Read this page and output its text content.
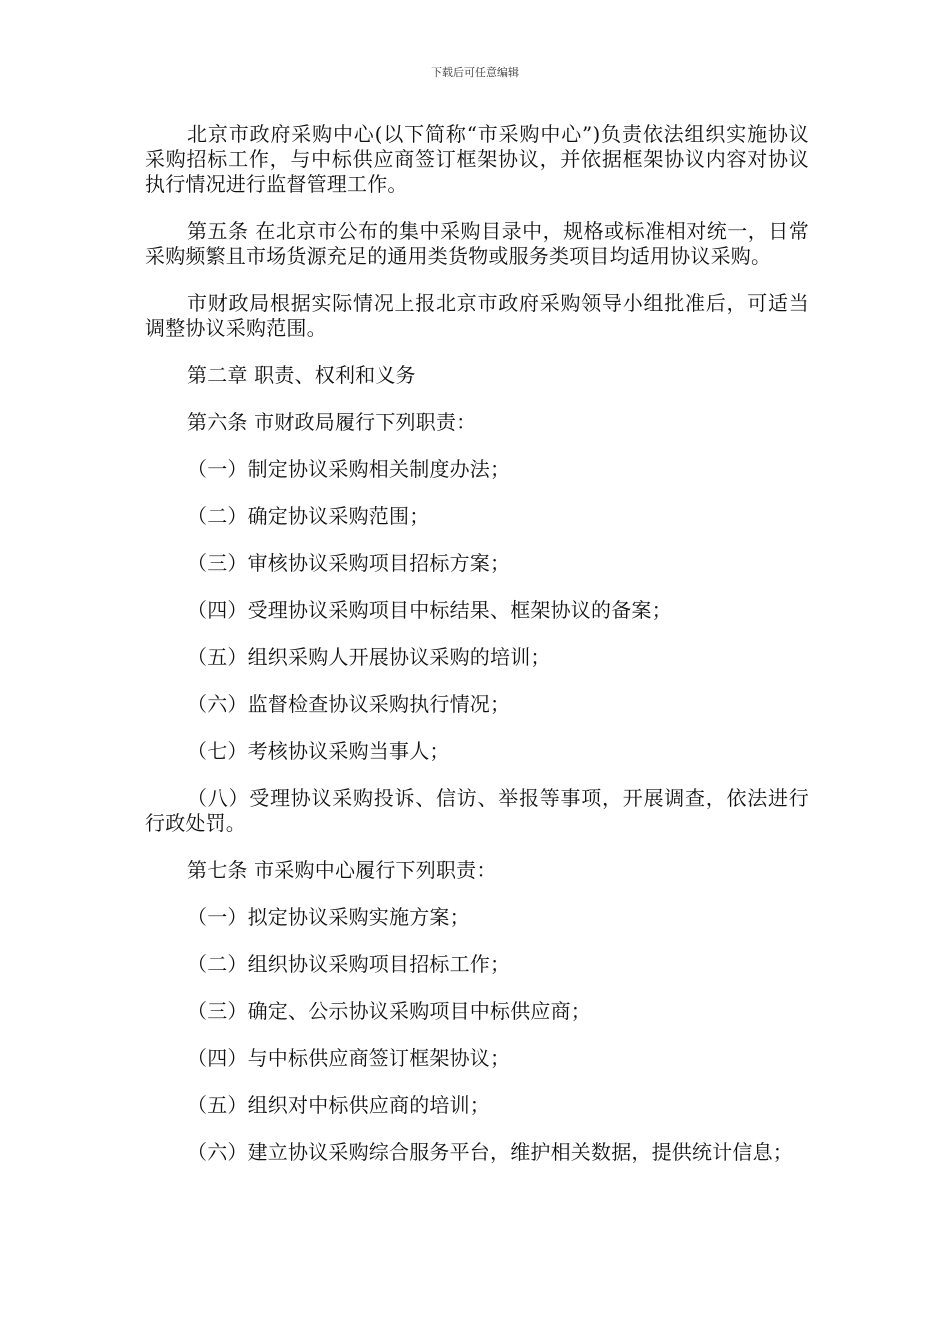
下载后可任意编辑

北京市政府采购中心(以下简称“市采购中心”)负责依法组织实施协议采购招标工作，与中标供应商签订框架协议，并依据框架协议内容对协议执行情况进行监督管理工作。

第五条 在北京市公布的集中采购目录中，规格或标准相对统一，日常采购频繁且市场货源充足的通用类货物或服务类项目均适用协议采购。

市财政局根据实际情况上报北京市政府采购领导小组批准后，可适当调整协议采购范围。

第二章 职责、权利和义务

第六条 市财政局履行下列职责：

（一）制定协议采购相关制度办法；

（二）确定协议采购范围；

（三）审核协议采购项目招标方案；

（四）受理协议采购项目中标结果、框架协议的备案；

（五）组织采购人开展协议采购的培训；

（六）监督检查协议采购执行情况；

（七）考核协议采购当事人；

（八）受理协议采购投诉、信访、举报等事项，开展调查，依法进行行政处罚。

第七条 市采购中心履行下列职责：

（一）拟定协议采购实施方案；

（二）组织协议采购项目招标工作；

（三）确定、公示协议采购项目中标供应商；

（四）与中标供应商签订框架协议；

（五）组织对中标供应商的培训；

（六）建立协议采购综合服务平台，维护相关数据，提供统计信息；
